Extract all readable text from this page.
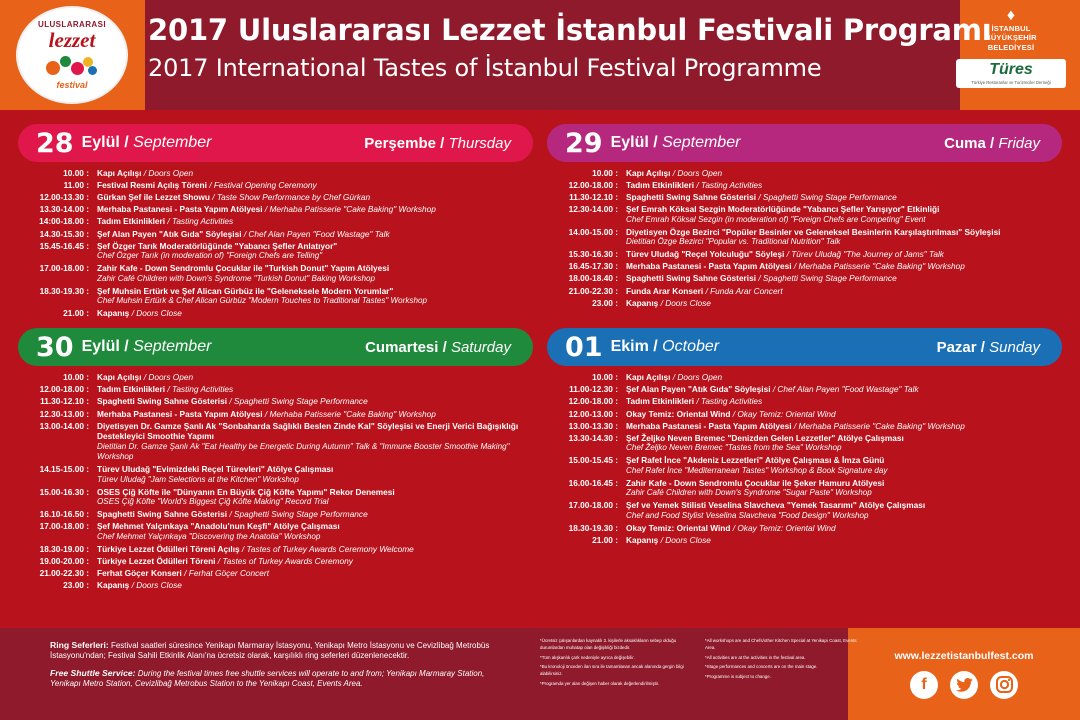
ULUSLARARASI
lezzet
festival
2017 Uluslararası Lezzet İstanbul Festivali Programı
2017 International Tastes of İstanbul Festival Programme
♦
İSTANBUL
BÜYÜKŞEHİR
BELEDİYESİ
Türes
Türkiye Restoranlar ve Turizmciler Derneği
28 Eylül / September	Perşembe / Thursday
10.00 : Kapı Açılışı / Doors Open
11.00 : Festival Resmi Açılış Töreni / Festival Opening Ceremony
12.00-13.30 : Gürkan Şef ile Lezzet Showu / Taste Show Performance by Chef Gürkan
13.30-14.00 : Merhaba Pastanesi - Pasta Yapım Atölyesi / Merhaba Patisserie "Cake Baking" Workshop
14:00-18.00 : Tadım Etkinlikleri / Tasting Activities
14.30-15.30 : Şef Alan Payen "Atık Gıda" Söyleşisi / Chef Alan Payen "Food Wastage" Talk
15.45-16.45 : Şef Özger Tarık Moderatörlüğünde "Yabancı Şefler Anlatıyor"
Chef Özger Tarık (in moderation of) "Foreign Chefs are Telling"
17.00-18.00 : Zahir Kafe - Down Sendromlu Çocuklar ile "Turkish Donut" Yapım Atölyesi
Zahir Café Children with Down's Syndrome "Turkish Donut" Baking Workshop
18.30-19.30 : Şef Muhsin Ertürk ve Şef Alican Gürbüz ile "Geleneksele Modern Yorumlar"
Chef Muhsin Ertürk & Chef Alican Gürbüz "Modern Touches to Traditional Tastes" Workshop
21.00 : Kapanış / Doors Close
29 Eylül / September	Cuma / Friday
10.00 : Kapı Açılışı / Doors Open
12.00-18.00 : Tadım Etkinlikleri / Tasting Activities
11.30-12.10 : Spaghetti Swing Sahne Gösterisi / Spaghetti Swing Stage Performance
12.30-14.00 : Şef Emrah Köksal Sezgin Moderatörlüğünde "Yabancı Şefler Yarışıyor" Etkinliği
Chef Emrah Köksal Sezgin (in moderation of) "Foreign Chefs are Competing" Event
14.00-15.00 : Diyetisyen Özge Bezirci "Popüler Besinler ve Geleneksel Besinlerin Karşılaştırılması" Söyleşisi
Dietitian Özge Bezirci "Popular vs. Traditional Nutrition" Talk
15.30-16.30 : Türev Uludağ "Reçel Yolculuğu" Söyleşi / Türev Uludağ "The Journey of Jams" Talk
16.45-17.30 : Merhaba Pastanesi - Pasta Yapım Atölyesi / Merhaba Patisserie "Cake Baking" Workshop
18.00-18.40 : Spaghetti Swing Sahne Gösterisi / Spaghetti Swing Stage Performance
21.00-22.30 : Funda Arar Konseri / Funda Arar Concert
23.00 : Kapanış / Doors Close
30 Eylül / September	Cumartesi / Saturday
10.00 : Kapı Açılışı / Doors Open
12.00-18.00 : Tadım Etkinlikleri / Tasting Activities
11.30-12.10 : Spaghetti Swing Sahne Gösterisi / Spaghetti Swing Stage Performance
12.30-13.00 : Merhaba Pastanesi - Pasta Yapım Atölyesi / Merhaba Patisserie "Cake Baking" Workshop
13.00-14.00 : Diyetisyen Dr. Gamze Şanlı Ak "Sonbaharda Sağlıklı Beslen Zinde Kal" Söyleşisi ve Enerji Verici Bağışıklığı Destekleyici Smoothie Yapımı
Dietitian Dr. Gamze Şanlı Ak "Eat Healthy be Energetic During Autumn" Talk & "Immune Booster Smoothie Making" Workshop
14.15-15.00 : Türev Uludağ "Evimizdeki Reçel Türevleri" Atölye Çalışması
Türev Uludağ "Jam Selections at the Kitchen" Workshop
15.00-16.30 : OSES Çiğ Köfte ile "Dünyanın En Büyük Çiğ Köfte Yapımı" Rekor Denemesi
OSES Çiğ Köfte "World's Biggest Çiğ Köfte Making" Record Trial
16.10-16.50 : Spaghetti Swing Sahne Gösterisi / Spaghetti Swing Stage Performance
17.00-18.00 : Şef Mehmet Yalçınkaya "Anadolu'nun Keşfi" Atölye Çalışması
Chef Mehmet Yalçınkaya "Discovering the Anatolia" Workshop
18.30-19.00 : Türkiye Lezzet Ödülleri Töreni Açılış / Tastes of Turkey Awards Ceremony Welcome
19.00-20.00 : Türkiye Lezzet Ödülleri Töreni / Tastes of Turkey Awards Ceremony
21.00-22.30 : Ferhat Göçer Konseri / Ferhat Göçer Concert
23.00 : Kapanış / Doors Close
01 Ekim / October	Pazar / Sunday
10.00 : Kapı Açılışı / Doors Open
11.00-12.30 : Şef Alan Payen "Atık Gıda" Söyleşisi / Chef Alan Payen "Food Wastage" Talk
12.00-18.00 : Tadım Etkinlikleri / Tasting Activities
12.00-13.00 : Okay Temiz: Oriental Wind / Okay Temiz: Oriental Wind
13.00-13.30 : Merhaba Pastanesi - Pasta Yapım Atölyesi / Merhaba Patisserie "Cake Baking" Workshop
13.30-14.30 : Şef Željko Neven Bremec "Denizden Gelen Lezzetler" Atölye Çalışması
Chef Željko Neven Bremec "Tastes from the Sea" Workshop
15.00-15.45 : Şef Rafet İnce "Akdeniz Lezzetleri" Atölye Çalışması & İmza Günü
Chef Rafet İnce "Mediterranean Tastes" Workshop & Book Signature day
16.00-16.45 : Zahir Kafe - Down Sendromlu Çocuklar ile Şeker Hamuru Atölyesi
Zahir Café Children with Down's Syndrome "Sugar Paste" Workshop
17.00-18.00 : Şef ve Yemek Stilisti Veselina Slavcheva "Yemek Tasarımı" Atölye Çalışması
Chef and Food Stylist Veselina Slavcheva "Food Design" Workshop
18.30-19.30 : Okay Temiz: Oriental Wind / Okay Temiz: Oriental Wind
21.00 : Kapanış / Doors Close
Ring Seferleri: Festival saatleri süresince Yenikapı Marmaray İstasyonu, Yenikapı Metro İstasyonu ve Cevizlibağ Metrobüs İstasyonu'ndan; Festival Sahili Etkinlik Alanı'na ücretsiz olarak, karşılıklı ring seferleri düzenlenecektir.
Free Shuttle Service: During the festival times free shuttle services will operate to and from; Yenikapı Marmaray Station, Yenikapı Metro Station, Cevizlibağ Metrobus Station to the Yenikapı Coast, Events Area.

*Ücretsiz çalışanlardan kaynaklı 3. kişilerle aksaklıkların sebep olduğu durumlardan muhatap olan değişikliği bizdedir.

*Tüm alışkanlık çark nedeniyle ayrıca değişebilir.

*Bu kronoloji önceden ilan sıra ile tamamlanan ancak alanında gergin bilgi alabilirsiniz.

*Programda yer alan değişen haber olarak değerlendirilmiştir.

*All workshops are and Chefs/other Kitchen Special at Yenikapı Coast, Events Area.

*All activities are at the activities in the festival area.

*Stage performances and concerts are on the main stage.

*Programme is subject to change.

www.lezzetistanbulfest.com
f
